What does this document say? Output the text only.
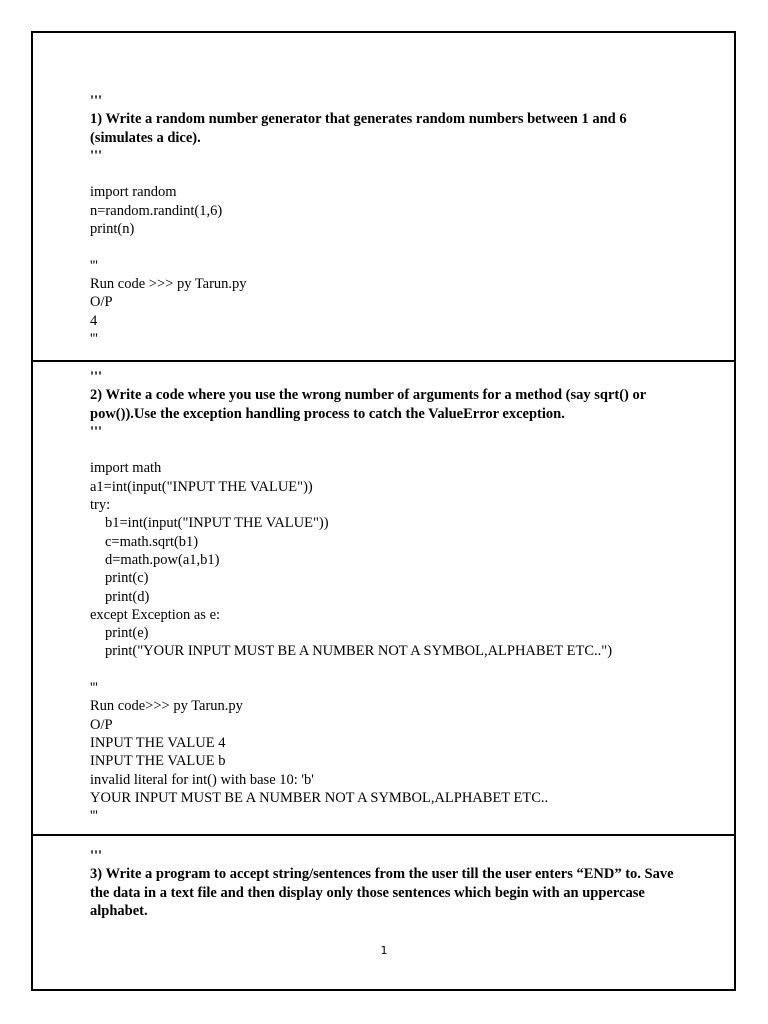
'''
1) Write a random number generator that generates random numbers between 1 and 6 (simulates a dice).
'''
import random
n=random.randint(1,6)
print(n)
'''
Run code >>> py Tarun.py
O/P
4
'''
'''
2) Write a code where you use the wrong number of arguments for a method (say sqrt() or pow()).Use the exception handling process to catch the ValueError exception.
'''
import math
a1=int(input("INPUT THE VALUE"))
try:
b1=int(input("INPUT THE VALUE"))
c=math.sqrt(b1)
d=math.pow(a1,b1)
print(c)
print(d)
except Exception as e:
print(e)
print("YOUR INPUT MUST BE A NUMBER NOT A SYMBOL,ALPHABET ETC..")
'''
Run code>>> py Tarun.py
O/P
INPUT THE VALUE 4
INPUT THE VALUE b
invalid literal for int() with base 10: 'b'
YOUR INPUT MUST BE A NUMBER NOT A SYMBOL,ALPHABET ETC..
'''
'''
3) Write a program to accept string/sentences from the user till the user enters “END” to. Save the data in a text file and then display only those sentences which begin with an uppercase alphabet.
1
